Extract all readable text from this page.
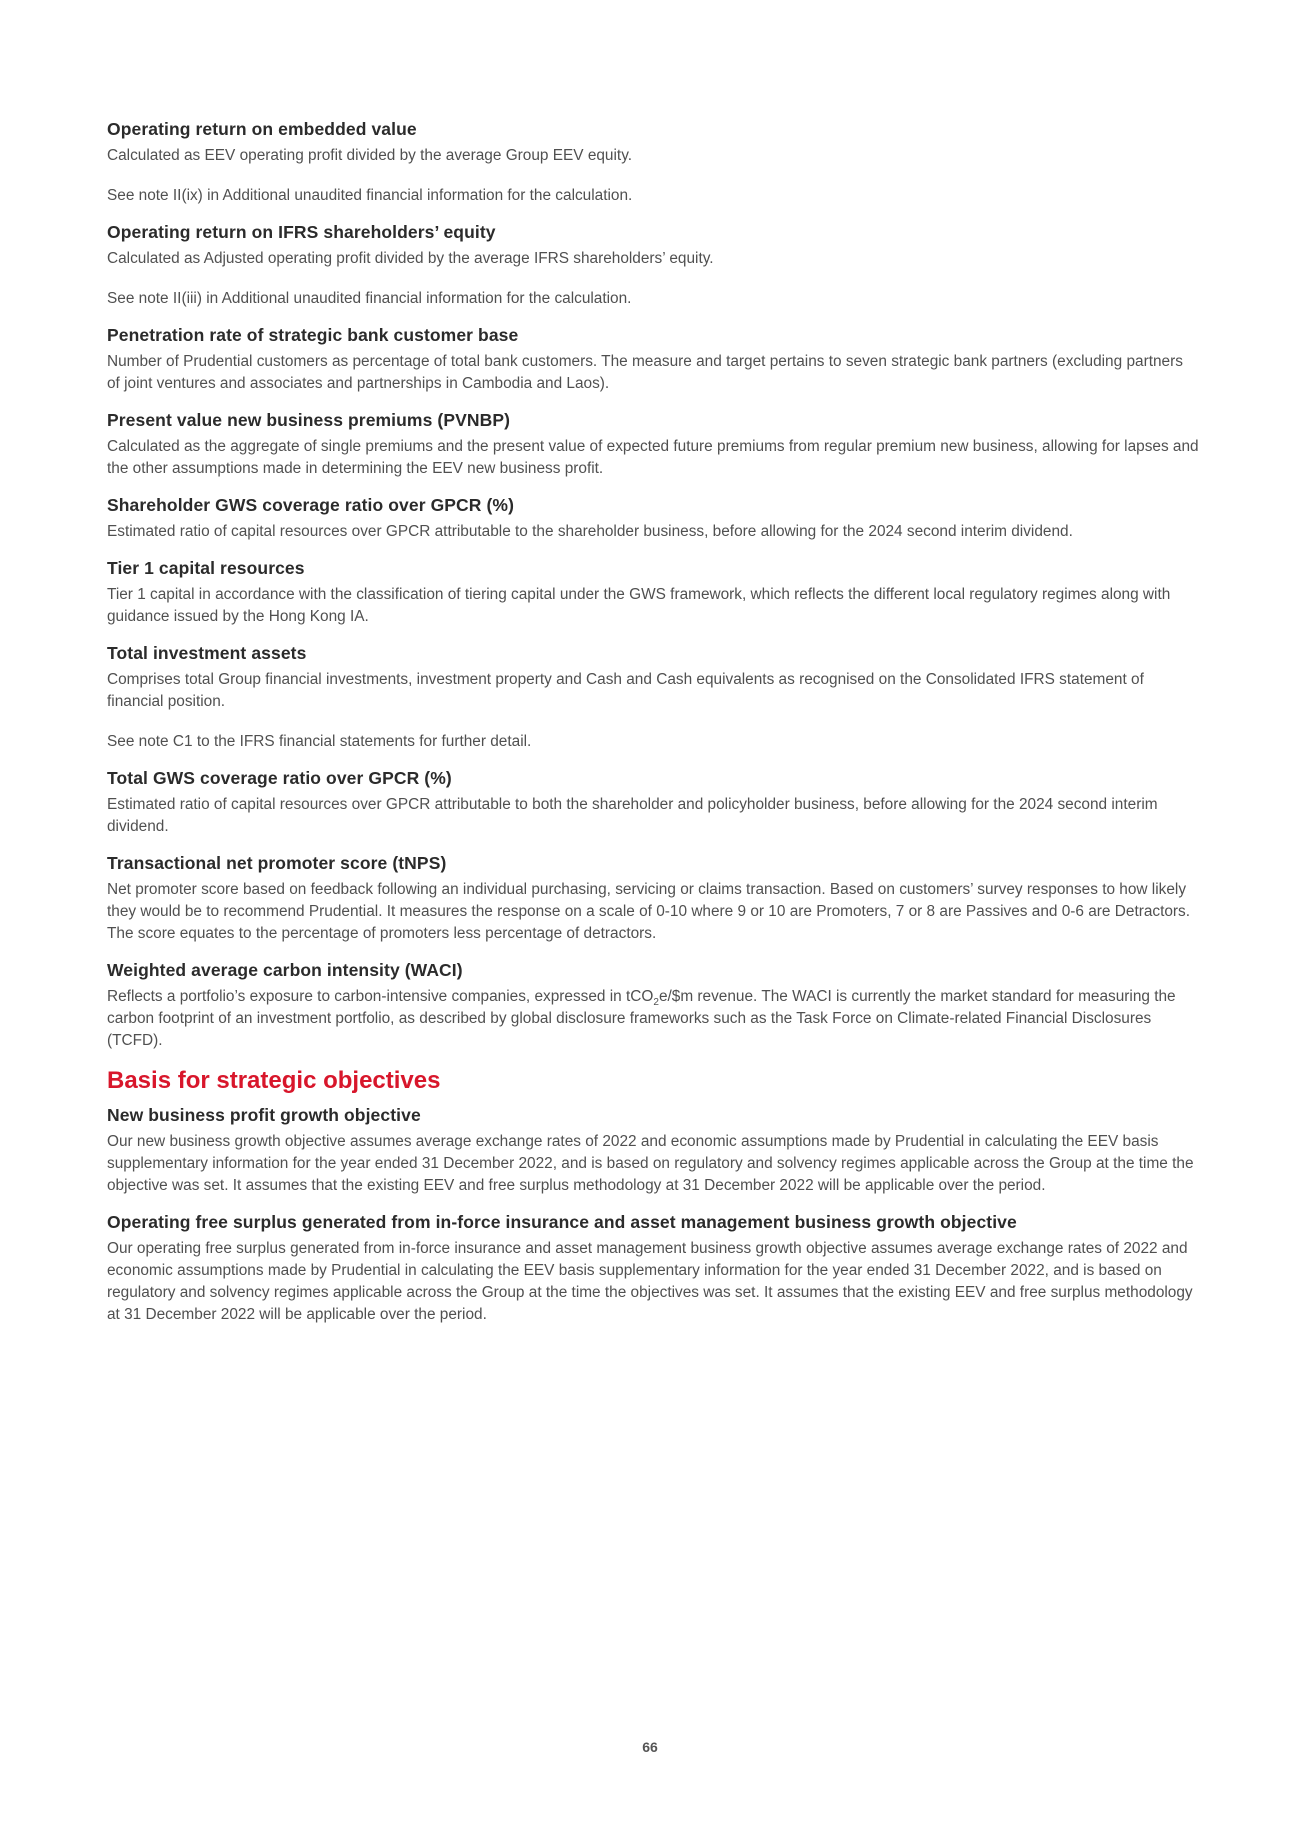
Operating return on embedded value

Calculated as EEV operating profit divided by the average Group EEV equity.

See note II(ix) in Additional unaudited financial information for the calculation.

Operating return on IFRS shareholders’ equity

Calculated as Adjusted operating profit divided by the average IFRS shareholders’ equity.

See note II(iii) in Additional unaudited financial information for the calculation.

Penetration rate of strategic bank customer base

Number of Prudential customers as percentage of total bank customers. The measure and target pertains to seven strategic bank partners (excluding partners of joint ventures and associates and partnerships in Cambodia and Laos).

Present value new business premiums (PVNBP)

Calculated as the aggregate of single premiums and the present value of expected future premiums from regular premium new business, allowing for lapses and the other assumptions made in determining the EEV new business profit.

Shareholder GWS coverage ratio over GPCR (%)

Estimated ratio of capital resources over GPCR attributable to the shareholder business, before allowing for the 2024 second interim dividend.

Tier 1 capital resources

Tier 1 capital in accordance with the classification of tiering capital under the GWS framework, which reflects the different local regulatory regimes along with guidance issued by the Hong Kong IA.

Total investment assets

Comprises total Group financial investments, investment property and Cash and Cash equivalents as recognised on the Consolidated IFRS statement of financial position.

See note C1 to the IFRS financial statements for further detail.

Total GWS coverage ratio over GPCR (%)

Estimated ratio of capital resources over GPCR attributable to both the shareholder and policyholder business, before allowing for the 2024 second interim dividend.

Transactional net promoter score (tNPS)

Net promoter score based on feedback following an individual purchasing, servicing or claims transaction. Based on customers’ survey responses to how likely they would be to recommend Prudential. It measures the response on a scale of 0-10 where 9 or 10 are Promoters, 7 or 8 are Passives and 0-6 are Detractors. The score equates to the percentage of promoters less percentage of detractors.

Weighted average carbon intensity (WACI)

Reflects a portfolio’s exposure to carbon-intensive companies, expressed in tCO$_2$e/$m revenue. The WACI is currently the market standard for measuring the carbon footprint of an investment portfolio, as described by global disclosure frameworks such as the Task Force on Climate-related Financial Disclosures (TCFD).

Basis for strategic objectives
New business profit growth objective

Our new business growth objective assumes average exchange rates of 2022 and economic assumptions made by Prudential in calculating the EEV basis supplementary information for the year ended 31 December 2022, and is based on regulatory and solvency regimes applicable across the Group at the time the objective was set. It assumes that the existing EEV and free surplus methodology at 31 December 2022 will be applicable over the period.

Operating free surplus generated from in-force insurance and asset management business growth objective

Our operating free surplus generated from in-force insurance and asset management business growth objective assumes average exchange rates of 2022 and economic assumptions made by Prudential in calculating the EEV basis supplementary information for the year ended 31 December 2022, and is based on regulatory and solvency regimes applicable across the Group at the time the objectives was set. It assumes that the existing EEV and free surplus methodology at 31 December 2022 will be applicable over the period.

66
